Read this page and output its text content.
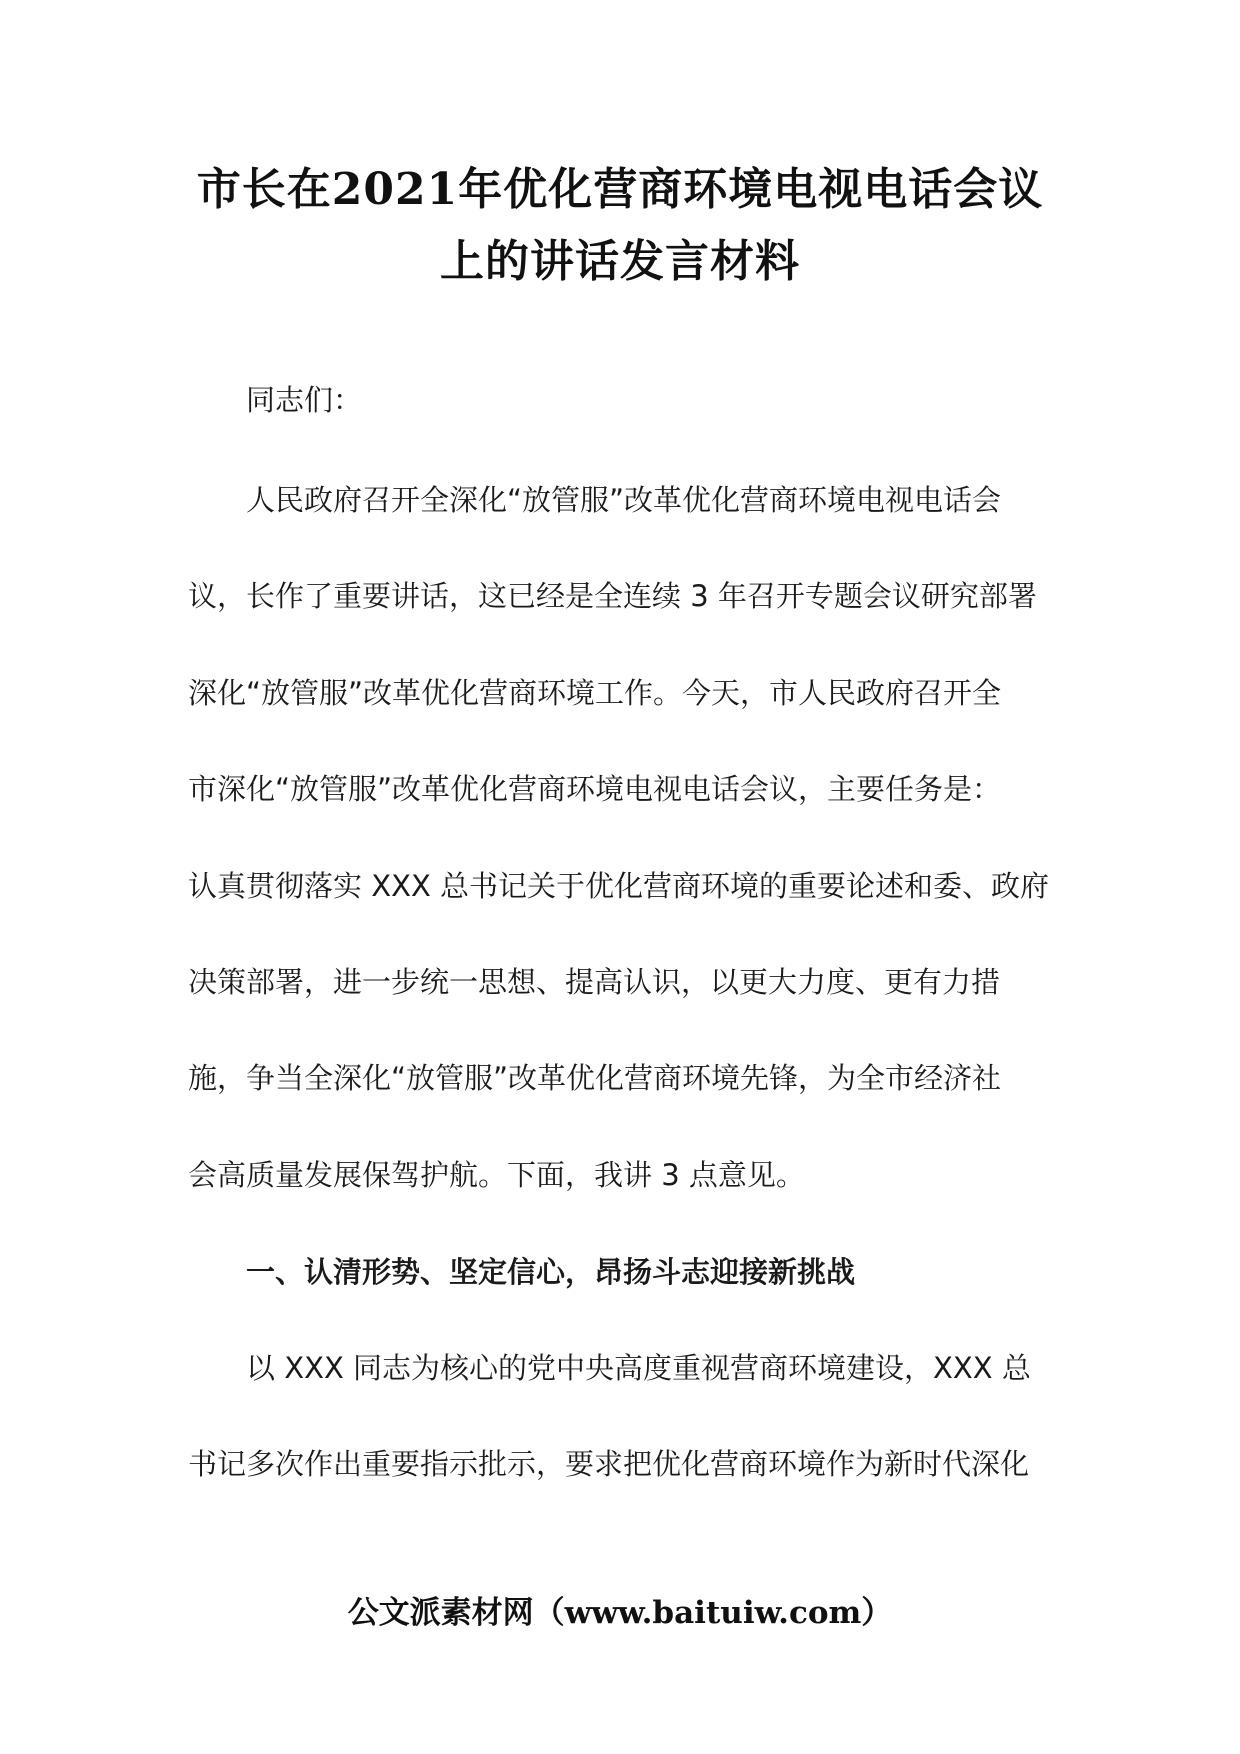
市长在2021年优化营商环境电视电话会议
上的讲话发言材料
同志们：
人民政府召开全深化“放管服”改革优化营商环境电视电话会
议，长作了重要讲话，这已经是全连续 3 年召开专题会议研究部署
深化“放管服”改革优化营商环境工作。今天，市人民政府召开全
市深化“放管服”改革优化营商环境电视电话会议，主要任务是：
认真贯彻落实 XXX 总书记关于优化营商环境的重要论述和委、政府
决策部署，进一步统一思想、提高认识，以更大力度、更有力措
施，争当全深化“放管服”改革优化营商环境先锋，为全市经济社
会高质量发展保驾护航。下面，我讲 3 点意见。
一、认清形势、坚定信心，昂扬斗志迎接新挑战
以 XXX 同志为核心的党中央高度重视营商环境建设，XXX 总
书记多次作出重要指示批示，要求把优化营商环境作为新时代深化
公文派素材网（www.baituiw.com）
